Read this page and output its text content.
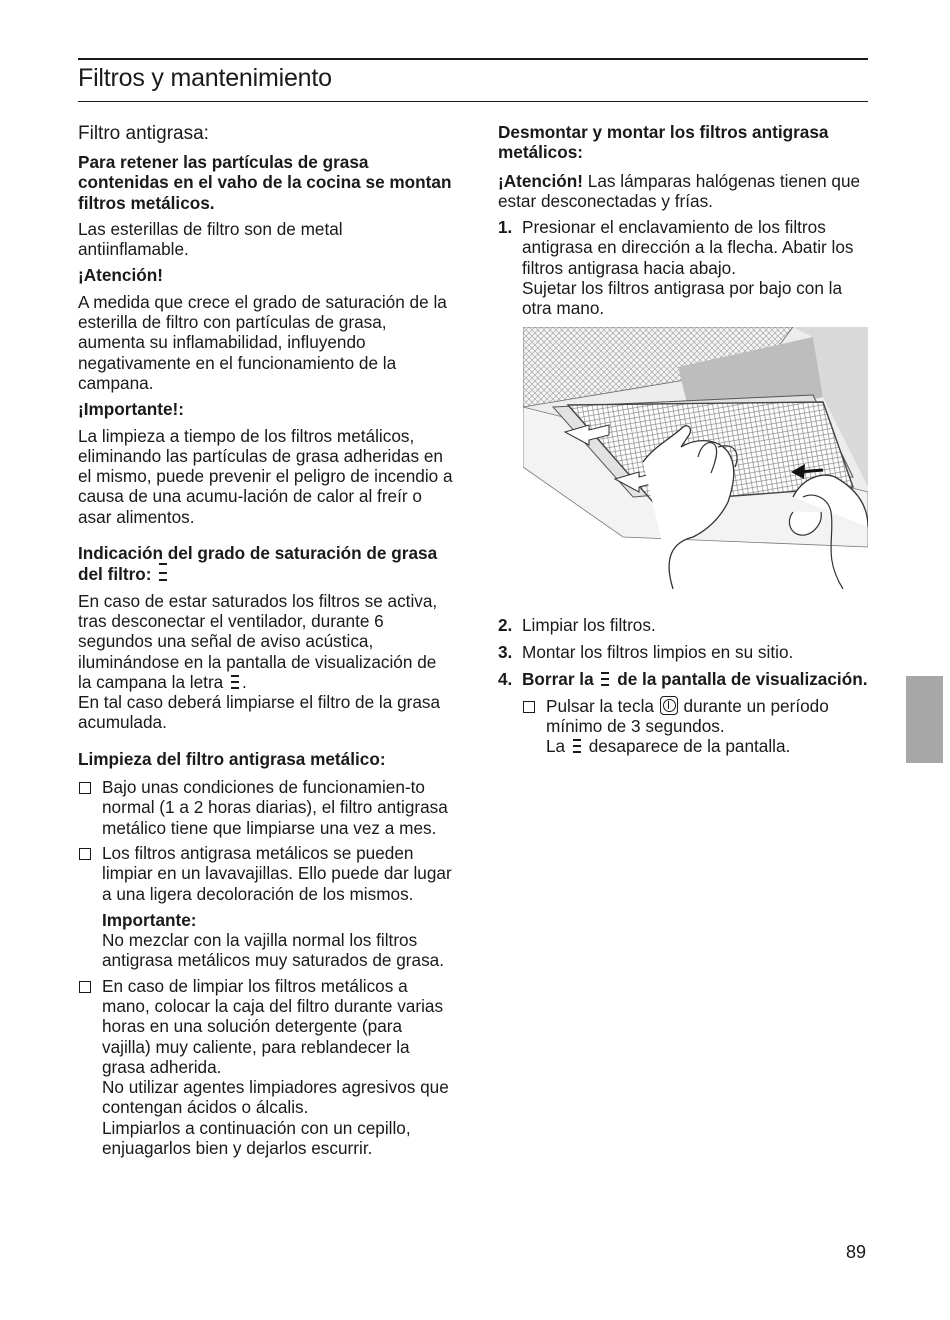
Filtros y mantenimiento
Filtro antigrasa:

Para retener las partículas de grasa contenidas en el vaho de la cocina se montan filtros metálicos.

Las esterillas de filtro son de metal antiinflamable.

¡Atención!

A medida que crece el grado de saturación de la esterilla de filtro con partículas de grasa, aumenta su inflamabilidad, influyendo negativamente en el funcionamiento de la campana.

¡Importante!:

La limpieza a tiempo de los filtros metálicos, eliminando las partículas de grasa adheridas en el mismo, puede prevenir el peligro de incendio a causa de una acumu-lación de calor al freír o asar alimentos.

Indicación del grado de saturación de grasa del filtro:

En caso de estar saturados los filtros se activa, tras desconectar el ventilador, durante 6 segundos una señal de aviso acústica, iluminándose en la pantalla de visualización de la campana la letra .
En tal caso deberá limpiarse el filtro de la grasa acumulada.

Limpieza del filtro antigrasa metálico:
Bajo unas condiciones de funcionamien-to normal (1 a 2 horas diarias), el filtro antigrasa metálico tiene que limpiarse una vez a mes.
Los filtros antigrasa metálicos se pueden limpiar en un lavavajillas. Ello puede dar lugar a una ligera decoloración de los mismos.
Importante:
No mezclar con la vajilla normal los filtros antigrasa metálicos muy saturados de grasa.
En caso de limpiar los filtros metálicos a mano, colocar la caja del filtro durante varias horas en una solución detergente (para vajilla) muy caliente, para reblandecer la grasa adherida.
No utilizar agentes limpiadores agresivos que contengan ácidos o álcalis.
Limpiarlos a continuación con un cepillo, enjuagarlos bien y dejarlos escurrir.

Desmontar y montar los filtros antigrasa metálicos:

¡Atención! Las lámparas halógenas tienen que estar desconectadas y frías.

1. Presionar el enclavamiento de los filtros antigrasa en dirección a la flecha. Abatir los filtros antigrasa hacia abajo.
Sujetar los filtros antigrasa por bajo con la otra mano.
2. Limpiar los filtros.
3. Montar los filtros limpios en su sitio.
4. Borrar la de la pantalla de visualización.
Pulsar la tecla durante un período mínimo de 3 segundos.
La desaparece de la pantalla.
89
